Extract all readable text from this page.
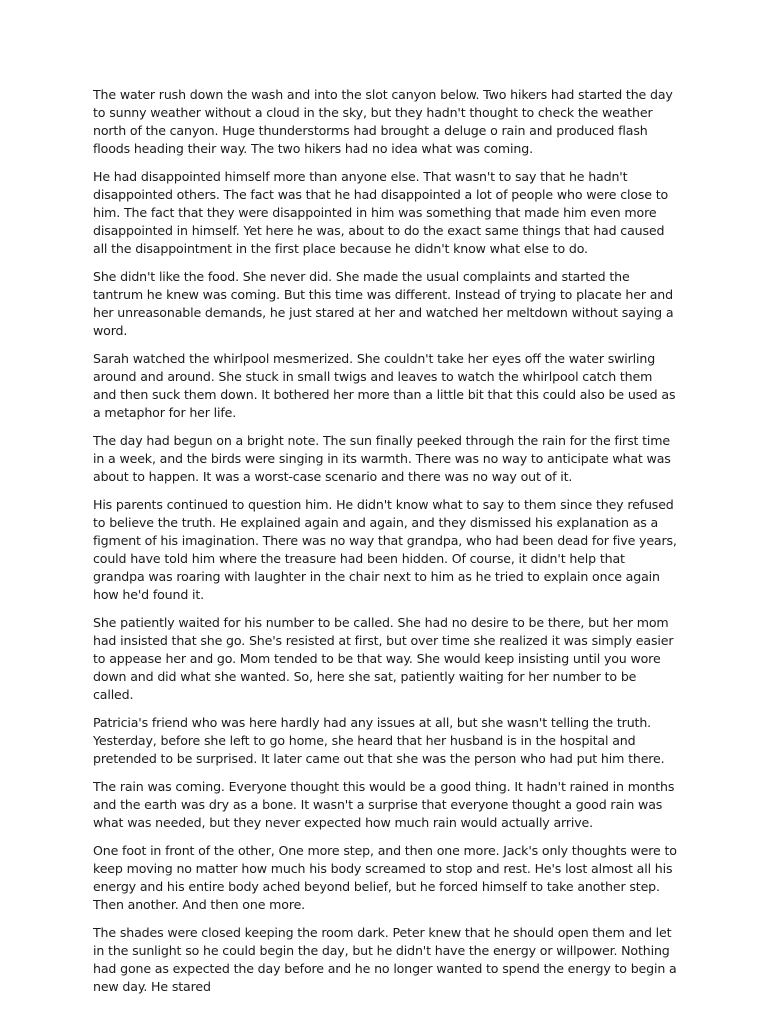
The water rush down the wash and into the slot canyon below. Two hikers had started the day to sunny weather without a cloud in the sky, but they hadn't thought to check the weather north of the canyon. Huge thunderstorms had brought a deluge o rain and produced flash floods heading their way. The two hikers had no idea what was coming.

He had disappointed himself more than anyone else. That wasn't to say that he hadn't disappointed others. The fact was that he had disappointed a lot of people who were close to him. The fact that they were disappointed in him was something that made him even more disappointed in himself. Yet here he was, about to do the exact same things that had caused all the disappointment in the first place because he didn't know what else to do.

She didn't like the food. She never did. She made the usual complaints and started the tantrum he knew was coming. But this time was different. Instead of trying to placate her and her unreasonable demands, he just stared at her and watched her meltdown without saying a word.

Sarah watched the whirlpool mesmerized. She couldn't take her eyes off the water swirling around and around. She stuck in small twigs and leaves to watch the whirlpool catch them and then suck them down. It bothered her more than a little bit that this could also be used as a metaphor for her life.

The day had begun on a bright note. The sun finally peeked through the rain for the first time in a week, and the birds were singing in its warmth. There was no way to anticipate what was about to happen. It was a worst-case scenario and there was no way out of it.

His parents continued to question him. He didn't know what to say to them since they refused to believe the truth. He explained again and again, and they dismissed his explanation as a figment of his imagination. There was no way that grandpa, who had been dead for five years, could have told him where the treasure had been hidden. Of course, it didn't help that grandpa was roaring with laughter in the chair next to him as he tried to explain once again how he'd found it.

She patiently waited for his number to be called. She had no desire to be there, but her mom had insisted that she go. She's resisted at first, but over time she realized it was simply easier to appease her and go. Mom tended to be that way. She would keep insisting until you wore down and did what she wanted. So, here she sat, patiently waiting for her number to be called.

Patricia's friend who was here hardly had any issues at all, but she wasn't telling the truth. Yesterday, before she left to go home, she heard that her husband is in the hospital and pretended to be surprised. It later came out that she was the person who had put him there.

The rain was coming. Everyone thought this would be a good thing. It hadn't rained in months and the earth was dry as a bone. It wasn't a surprise that everyone thought a good rain was what was needed, but they never expected how much rain would actually arrive.

One foot in front of the other, One more step, and then one more. Jack's only thoughts were to keep moving no matter how much his body screamed to stop and rest. He's lost almost all his energy and his entire body ached beyond belief, but he forced himself to take another step. Then another. And then one more.

The shades were closed keeping the room dark. Peter knew that he should open them and let in the sunlight so he could begin the day, but he didn't have the energy or willpower. Nothing had gone as expected the day before and he no longer wanted to spend the energy to begin a new day. He stared
